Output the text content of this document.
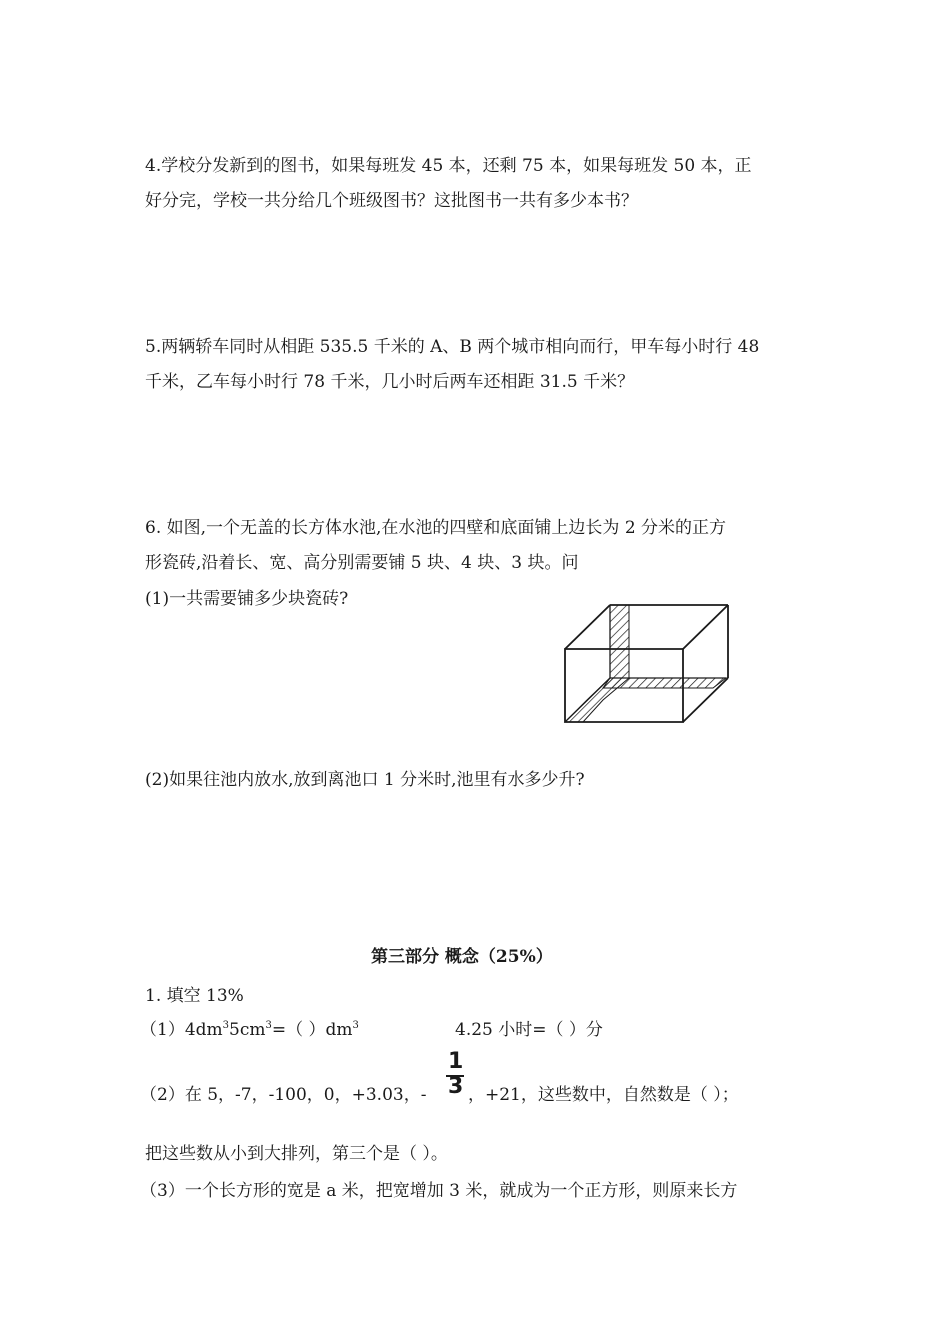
4.学校分发新到的图书，如果每班发 45 本，还剩 75 本，如果每班发 50 本，正
好分完，学校一共分给几个班级图书？这批图书一共有多少本书？
5.两辆轿车同时从相距 535.5 千米的 A、B 两个城市相向而行，甲车每小时行 48
千米，乙车每小时行 78 千米，几小时后两车还相距 31.5 千米？
6. 如图,一个无盖的长方体水池,在水池的四壁和底面铺上边长为 2 分米的正方
形瓷砖,沿着长、宽、高分别需要铺 5 块、4 块、3 块。问
(1)一共需要铺多少块瓷砖?
(2)如果往池内放水,放到离池口 1 分米时,池里有水多少升?
第三部分 概念（25%）
1. 填空 13%
$(1)4dm^35cm^3=$（ ）$dm^3$	4.25 小时=（ ）分
（2）在 5，-7，-100，0，+3.03，-
1
3 ，+21，这些数中，自然数是（ ）；
把这些数从小到大排列，第三个是（ ）。
（3）一个长方形的宽是 a 米，把宽增加 3 米，就成为一个正方形，则原来长方
